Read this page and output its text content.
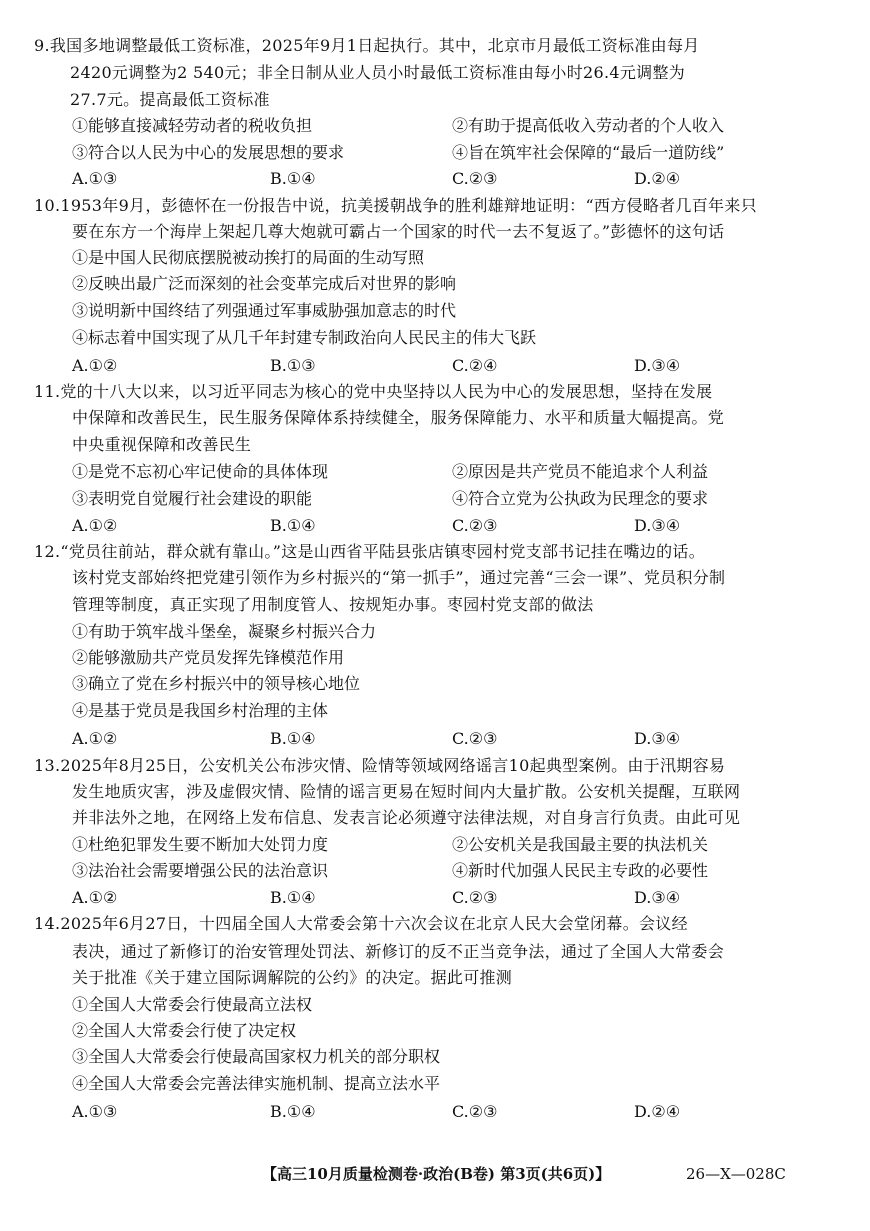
9.我国多地调整最低工资标准，2025年9月1日起执行。其中，北京市月最低工资标准由每月
2420元调整为2 540元；非全日制从业人员小时最低工资标准由每小时26.4元调整为
27.7元。提高最低工资标准
①能够直接减轻劳动者的税收负担	②有助于提高低收入劳动者的个人收入
③符合以人民为中心的发展思想的要求	④旨在筑牢社会保障的“最后一道防线”
A.①③	B.①④	C.②③	D.②④
10.1953年9月，彭德怀在一份报告中说，抗美援朝战争的胜利雄辩地证明：“西方侵略者几百年来只
要在东方一个海岸上架起几尊大炮就可霸占一个国家的时代一去不复返了。”彭德怀的这句话
①是中国人民彻底摆脱被动挨打的局面的生动写照
②反映出最广泛而深刻的社会变革完成后对世界的影响
③说明新中国终结了列强通过军事威胁强加意志的时代
④标志着中国实现了从几千年封建专制政治向人民民主的伟大飞跃
A.①②	B.①③	C.②④	D.③④
11.党的十八大以来，以习近平同志为核心的党中央坚持以人民为中心的发展思想，坚持在发展
中保障和改善民生，民生服务保障体系持续健全，服务保障能力、水平和质量大幅提高。党
中央重视保障和改善民生
①是党不忘初心牢记使命的具体体现	②原因是共产党员不能追求个人利益
③表明党自觉履行社会建设的职能	④符合立党为公执政为民理念的要求
A.①②	B.①④	C.②③	D.③④
12.“党员往前站，群众就有靠山。”这是山西省平陆县张店镇枣园村党支部书记挂在嘴边的话。
该村党支部始终把党建引领作为乡村振兴的“第一抓手”，通过完善“三会一课”、党员积分制
管理等制度，真正实现了用制度管人、按规矩办事。枣园村党支部的做法
①有助于筑牢战斗堡垒，凝聚乡村振兴合力
②能够激励共产党员发挥先锋模范作用
③确立了党在乡村振兴中的领导核心地位
④是基于党员是我国乡村治理的主体
A.①②	B.①④	C.②③	D.③④
13.2025年8月25日，公安机关公布涉灾情、险情等领域网络谣言10起典型案例。由于汛期容易
发生地质灾害，涉及虚假灾情、险情的谣言更易在短时间内大量扩散。公安机关提醒，互联网
并非法外之地，在网络上发布信息、发表言论必须遵守法律法规，对自身言行负责。由此可见
①杜绝犯罪发生要不断加大处罚力度	②公安机关是我国最主要的执法机关
③法治社会需要增强公民的法治意识	④新时代加强人民民主专政的必要性
A.①②	B.①④	C.②③	D.③④
14.2025年6月27日，十四届全国人大常委会第十六次会议在北京人民大会堂闭幕。会议经
表决，通过了新修订的治安管理处罚法、新修订的反不正当竞争法，通过了全国人大常委会
关于批准《关于建立国际调解院的公约》的决定。据此可推测
①全国人大常委会行使最高立法权
②全国人大常委会行使了决定权
③全国人大常委会行使最高国家权力机关的部分职权
④全国人大常委会完善法律实施机制、提高立法水平
A.①③	B.①④	C.②③	D.②④
【高三10月质量检测卷·政治(B卷) 第3页(共6页)】	26—X—028C
